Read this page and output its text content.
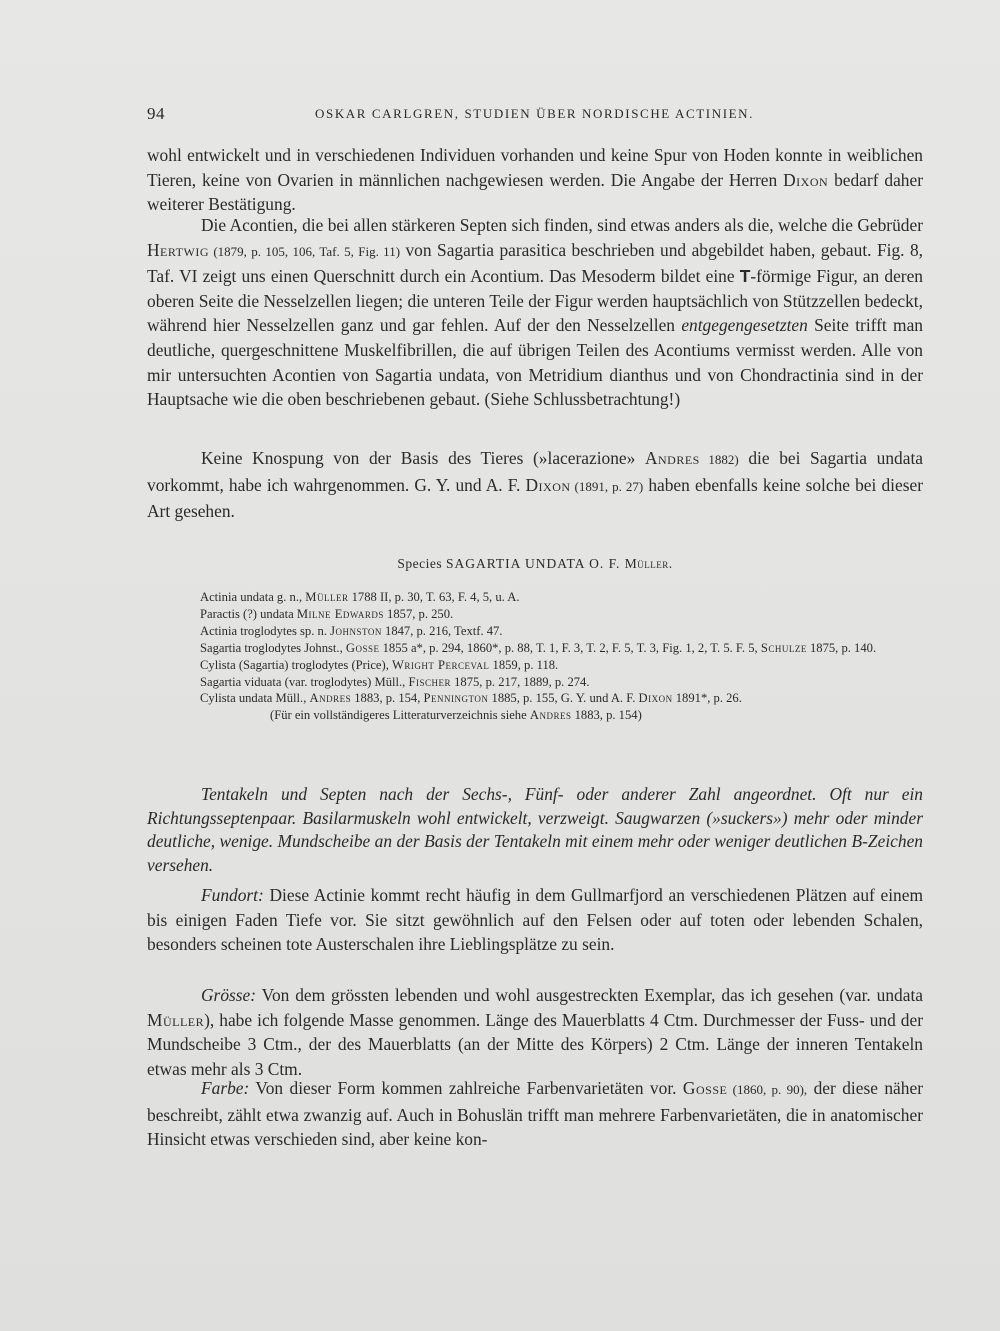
94	OSKAR CARLGREN, STUDIEN ÜBER NORDISCHE ACTINIEN.

wohl entwickelt und in verschiedenen Individuen vorhanden und keine Spur von Hoden konnte in weiblichen Tieren, keine von Ovarien in männlichen nachgewiesen werden. Die Angabe der Herren Dixon bedarf daher weiterer Bestätigung.

Die Acontien, die bei allen stärkeren Septen sich finden, sind etwas anders als die, welche die Gebrüder Hertwig (1879, p. 105, 106, Taf. 5, Fig. 11) von Sagartia parasitica beschrieben und abgebildet haben, gebaut. Fig. 8, Taf. VI zeigt uns einen Querschnitt durch ein Acontium. Das Mesoderm bildet eine T-förmige Figur, an deren oberen Seite die Nesselzellen liegen; die unteren Teile der Figur werden hauptsächlich von Stützzellen bedeckt, während hier Nesselzellen ganz und gar fehlen. Auf der den Nesselzellen entgegengesetzten Seite trifft man deutliche, quergeschnittene Muskelfibrillen, die auf übrigen Teilen des Acontiums vermisst werden. Alle von mir untersuchten Acontien von Sagartia undata, von Metridium dianthus und von Chondractinia sind in der Hauptsache wie die oben beschriebenen gebaut. (Siehe Schlussbetrachtung!)

Keine Knospung von der Basis des Tieres (»lacerazione» Andres 1882) die bei Sagartia undata vorkommt, habe ich wahrgenommen. G. Y. und A. F. Dixon (1891, p. 27) haben ebenfalls keine solche bei dieser Art gesehen.

Species SAGARTIA UNDATA O. F. Müller.
Actinia undata g. n., Müller 1788 II, p. 30, T. 63, F. 4, 5, u. A.
Paractis (?) undata Milne Edwards 1857, p. 250.
Actinia troglodytes sp. n. Johnston 1847, p. 216, Textf. 47.
Sagartia troglodytes Johnst., Gosse 1855 a*, p. 294, 1860*, p. 88, T. 1, F. 3, T. 2, F. 5, T. 3, Fig. 1, 2, T. 5. F. 5, Schulze 1875, p. 140.
Cylista (Sagartia) troglodytes (Price), Wright Perceval 1859, p. 118.
Sagartia viduata (var. troglodytes) Müll., Fischer 1875, p. 217, 1889, p. 274.
Cylista undata Müll., Andres 1883, p. 154, Pennington 1885, p. 155, G. Y. und A. F. Dixon 1891*, p. 26.
(Für ein vollständigeres Litteraturverzeichnis siehe Andres 1883, p. 154)

Tentakeln und Septen nach der Sechs-, Fünf- oder anderer Zahl angeordnet. Oft nur ein Richtungsseptenpaar. Basilarmuskeln wohl entwickelt, verzweigt. Saugwarzen (»suckers») mehr oder minder deutliche, wenige. Mundscheibe an der Basis der Tentakeln mit einem mehr oder weniger deutlichen B-Zeichen versehen.

Fundort: Diese Actinie kommt recht häufig in dem Gullmarfjord an verschiedenen Plätzen auf einem bis einigen Faden Tiefe vor. Sie sitzt gewöhnlich auf den Felsen oder auf toten oder lebenden Schalen, besonders scheinen tote Austerschalen ihre Lieblingsplätze zu sein.

Grösse: Von dem grössten lebenden und wohl ausgestreckten Exemplar, das ich gesehen (var. undata Müller), habe ich folgende Masse genommen. Länge des Mauerblatts 4 Ctm. Durchmesser der Fuss- und der Mundscheibe 3 Ctm., der des Mauerblatts (an der Mitte des Körpers) 2 Ctm. Länge der inneren Tentakeln etwas mehr als 3 Ctm.

Farbe: Von dieser Form kommen zahlreiche Farbenvarietäten vor. Gosse (1860, p. 90), der diese näher beschreibt, zählt etwa zwanzig auf. Auch in Bohuslän trifft man mehrere Farbenvarietäten, die in anatomischer Hinsicht etwas verschieden sind, aber keine kon-
